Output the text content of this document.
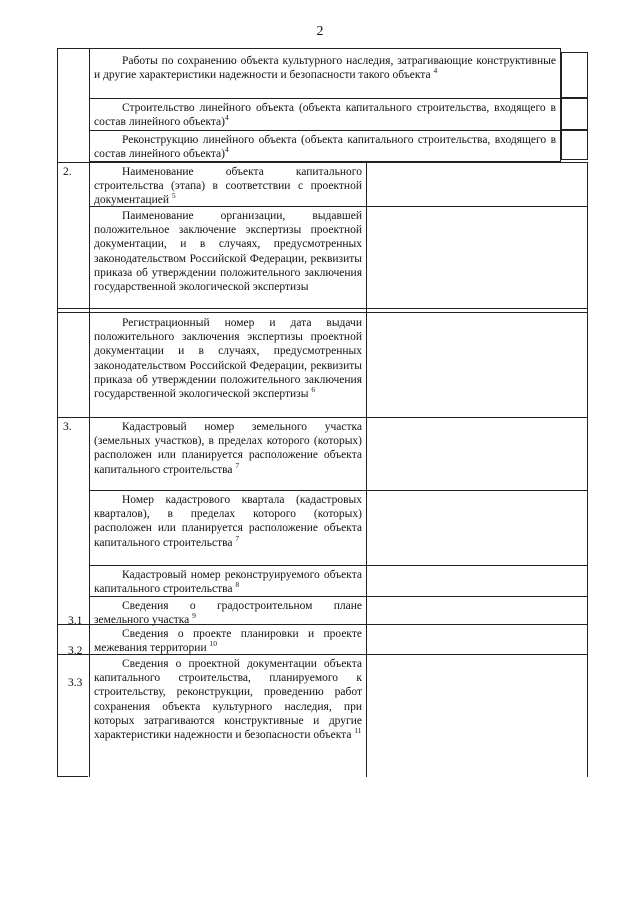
2
Работы по сохранению объекта культурного наследия, затрагивающие конструктивные и другие характеристики надежности и безопасности такого объекта $^4$
Строительство линейного объекта (объекта капитального строительства, входящего в состав линейного объекта)$^4$
Реконструкцию линейного объекта (объекта капитального строительства, входящего в состав линейного объекта)$^4$
2.
3.
3.1
3.2
3.3
Наименование объекта капитального строительства (этапа) в соответствии с проектной документацией $^5$
Паименование организации, выдавшей положительное заключение экспертизы проектной документации, и в случаях, предусмотренных законодательством Российской Федерации, реквизиты приказа об утверждении положительного заключения государственной экологической экспертизы
Регистрационный номер и дата выдачи положительного заключения экспертизы проектной документации и в случаях, предусмотренных законодательством Российской Федерации, реквизиты приказа об утверждении положительного заключения государственной экологической экспертизы $^6$
Кадастровый номер земельного участка (земельных участков), в пределах которого (которых) расположен или планируется расположение объекта капитального строительства $^7$
Номер кадастрового квартала (кадастровых кварталов), в пределах которого (которых) расположен или планируется расположение объекта капитального строительства $^7$
Кадастровый номер реконструируемого объекта капитального строительства $^8$
Сведения о градостроительном плане земельного участка $^9$
Сведения о проекте планировки и проекте межевания территории $^{10}$
Сведения о проектной документации объекта капитального строительства, планируемого к строительству, реконструкции, проведению работ сохранения объекта культурного наследия, при которых затрагиваются конструктивные и другие характеристики надежности и безопасности объекта $^{11}$
